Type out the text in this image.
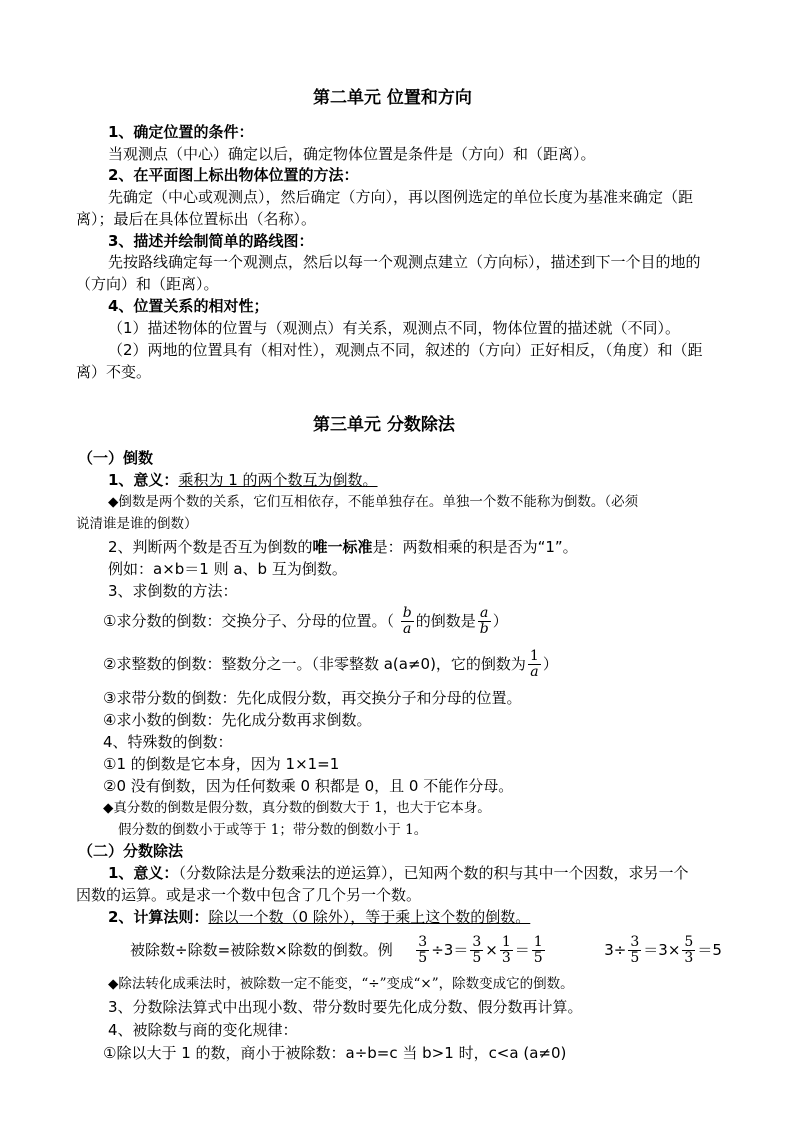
第二单元 位置和方向
1、确定位置的条件：
当观测点（中心）确定以后，确定物体位置是条件是（方向）和（距离）。
2、在平面图上标出物体位置的方法：
先确定（中心或观测点），然后确定（方向），再以图例选定的单位长度为基准来确定（距
离）；最后在具体位置标出（名称）。
3、描述并绘制简单的路线图：
先按路线确定每一个观测点，然后以每一个观测点建立（方向标），描述到下一个目的地的
（方向）和（距离）。
4、位置关系的相对性；
（1）描述物体的位置与（观测点）有关系，观测点不同，物体位置的描述就（不同）。
（2）两地的位置具有（相对性），观测点不同，叙述的（方向）正好相反，（角度）和（距
离）不变。
第三单元 分数除法
（一）倒数
1、意义：乘积为 1 的两个数互为倒数。
◆倒数是两个数的关系，它们互相依存，不能单独存在。单独一个数不能称为倒数。（必须
说清谁是谁的倒数）
2、判断两个数是否互为倒数的唯一标准是：两数相乘的积是否为“1”。
例如：a×b＝1 则 a、b 互为倒数。
3、求倒数的方法：
①求分数的倒数：交换分子、分母的位置。（ $\frac{b}{a}$ 的倒数是 $\frac{a}{b}$ ）
②求整数的倒数：整数分之一。（非零整数 a(a≠0)，它的倒数为 $\frac{1}{a}$ ）
③求带分数的倒数：先化成假分数，再交换分子和分母的位置。
④求小数的倒数：先化成分数再求倒数。
4、特殊数的倒数：
①1 的倒数是它本身，因为 1×1=1
②0 没有倒数，因为任何数乘 0 积都是 0，且 0 不能作分母。
◆真分数的倒数是假分数，真分数的倒数大于 1，也大于它本身。
假分数的倒数小于或等于 1；带分数的倒数小于 1。
（二）分数除法
1、意义：（分数除法是分数乘法的逆运算），已知两个数的积与其中一个因数，求另一个
因数的运算。或是求一个数中包含了几个另一个数。
2、计算法则：除以一个数（0 除外），等于乘上这个数的倒数。
被除数÷除数=被除数×除数的倒数。例 $\frac{3}{5} \div 3= \frac{3}{5} \times \frac{1}{3} = \frac{1}{5}$	$3\div \frac{3}{5} =3\times \frac{5}{3} =5$
◆除法转化成乘法时，被除数一定不能变，“÷”变成“×”，除数变成它的倒数。
3、分数除法算式中出现小数、带分数时要先化成分数、假分数再计算。
4、被除数与商的变化规律：
①除以大于 1 的数，商小于被除数：a÷b=c 当 b>1 时，c<a (a≠0)
